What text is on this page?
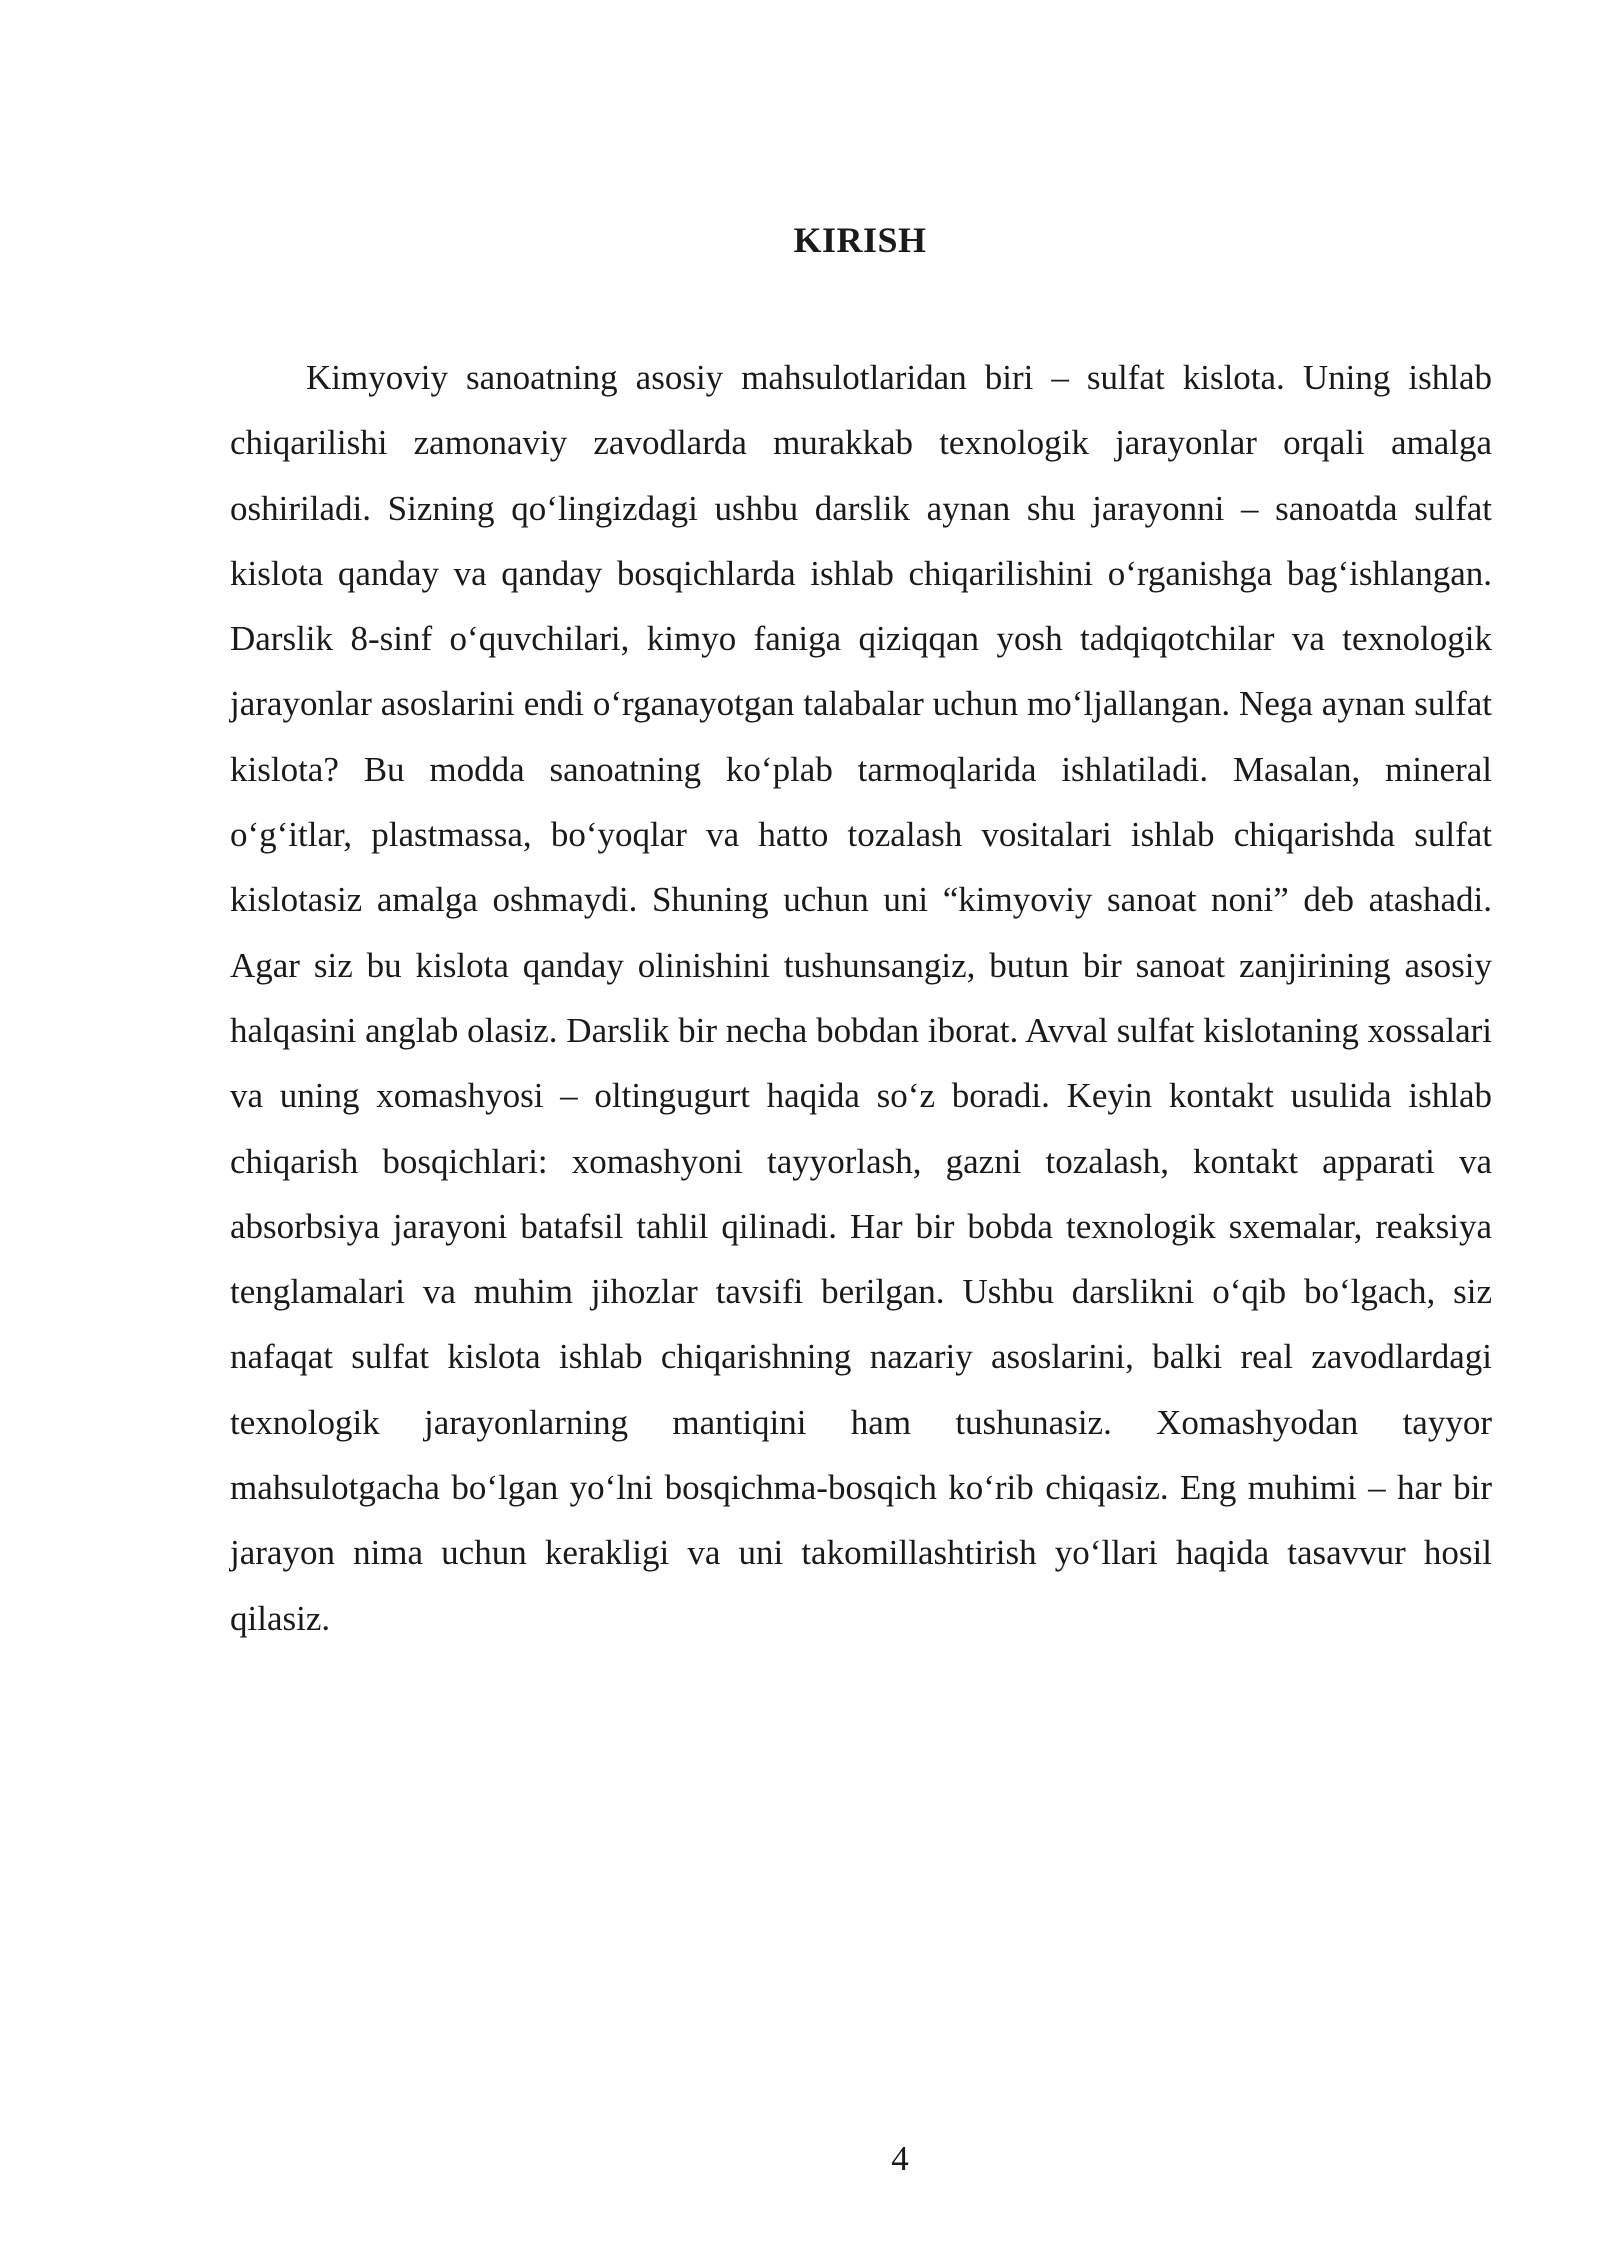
KIRISH

Kimyoviy sanoatning asosiy mahsulotlaridan biri – sulfat kislota. Uning ishlab chiqarilishi zamonaviy zavodlarda murakkab texnologik jarayonlar orqali amalga oshiriladi. Sizning qoʻlingizdagi ushbu darslik aynan shu jarayonni – sanoatda sulfat kislota qanday va qanday bosqichlarda ishlab chiqarilishini oʻrganishga bagʻishlangan. Darslik 8-sinf oʻquvchilari, kimyo faniga qiziqqan yosh tadqiqotchilar va texnologik jarayonlar asoslarini endi oʻrganayotgan talabalar uchun moʻljallangan. Nega aynan sulfat kislota? Bu modda sanoatning koʻplab tarmoqlarida ishlatiladi. Masalan, mineral oʻgʻitlar, plastmassa, boʻyoqlar va hatto tozalash vositalari ishlab chiqarishda sulfat kislotasiz amalga oshmaydi. Shuning uchun uni “kimyoviy sanoat noni” deb atashadi. Agar siz bu kislota qanday olinishini tushunsangiz, butun bir sanoat zanjirining asosiy halqasini anglab olasiz. Darslik bir necha bobdan iborat. Avval sulfat kislotaning xossalari va uning xomashyosi – oltingugurt haqida soʻz boradi. Keyin kontakt usulida ishlab chiqarish bosqichlari: xomashyoni tayyorlash, gazni tozalash, kontakt apparati va absorbsiya jarayoni batafsil tahlil qilinadi. Har bir bobda texnologik sxemalar, reaksiya tenglamalari va muhim jihozlar tavsifi berilgan. Ushbu darslikni oʻqib boʻlgach, siz nafaqat sulfat kislota ishlab chiqarishning nazariy asoslarini, balki real zavodlardagi texnologik jarayonlarning mantiqini ham tushunasiz. Xomashyodan tayyor mahsulotgacha boʻlgan yoʻlni bosqichma-bosqich koʻrib chiqasiz. Eng muhimi – har bir jarayon nima uchun kerakligi va uni takomillashtirish yoʻllari haqida tasavvur hosil qilasiz.

4
